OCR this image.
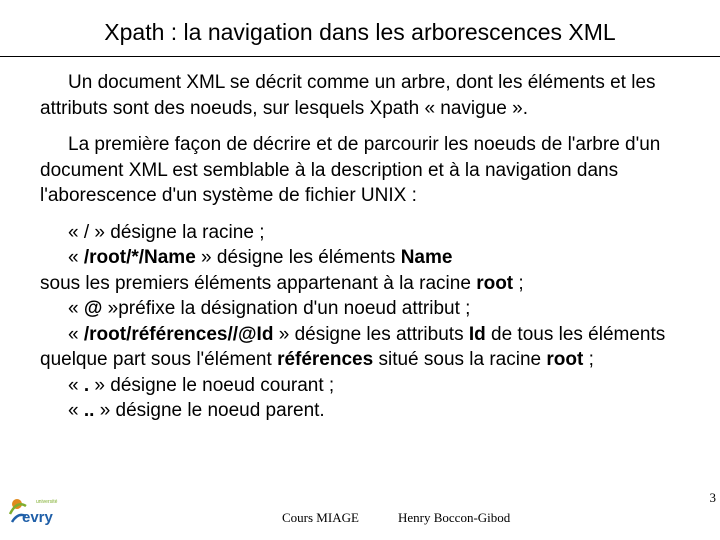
Xpath : la navigation dans les arborescences XML

Un document XML se décrit comme un arbre, dont les éléments et les attributs sont des noeuds, sur lesquels Xpath « navigue ».

La première façon de décrire et de parcourir les noeuds de l'arbre d'un document XML est semblable à la description et à la navigation dans l'aborescence d'un système de fichier UNIX :

« / » désigne la racine ;

« /root/*/Name » désigne les éléments Name
sous les premiers éléments appartenant à la racine root ;

« @ »préfixe la désignation d'un noeud attribut ;

« /root/références//@Id » désigne les attributs Id de tous les éléments quelque part sous l'élément références situé sous la racine root ;

« . » désigne le noeud courant ;

« .. » désigne le noeud parent.

université
evry
3
Cours MIAGE	Henry Boccon-Gibod
